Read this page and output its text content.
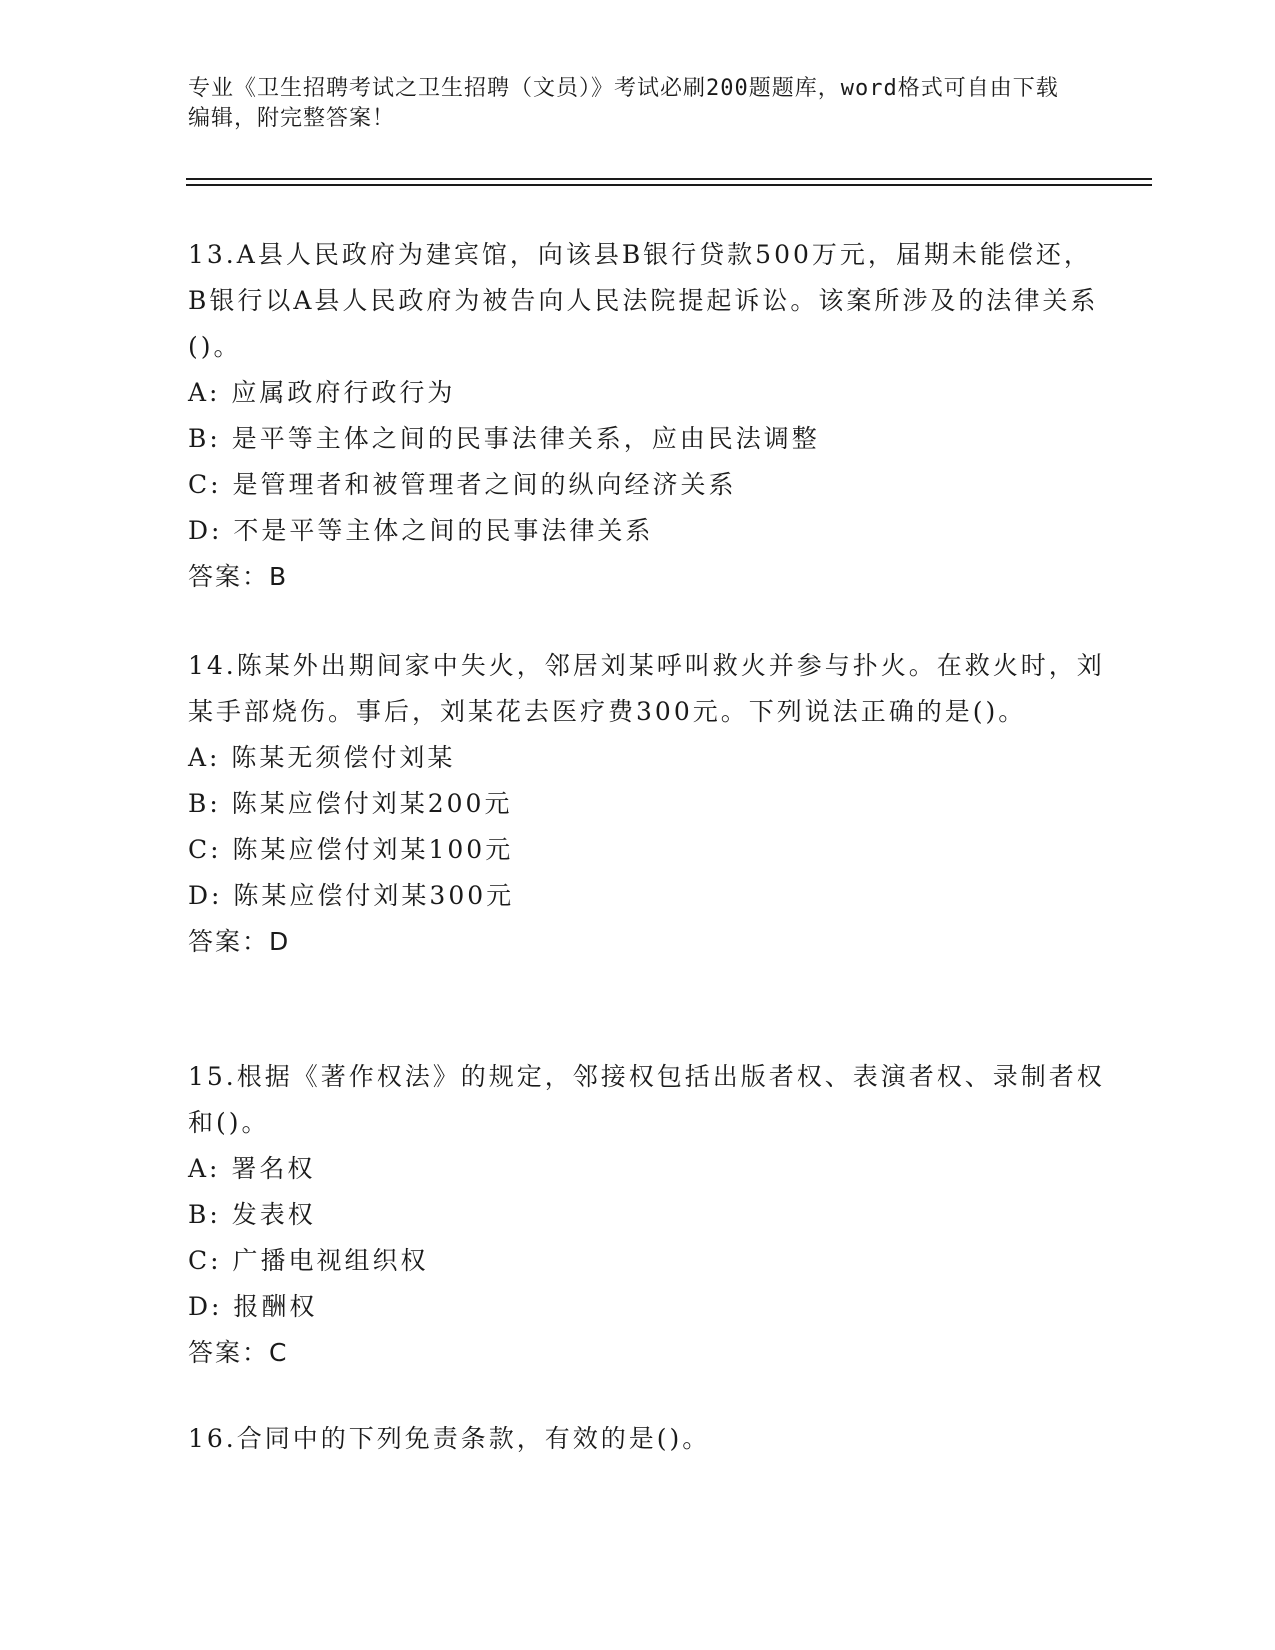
专业《卫生招聘考试之卫生招聘（文员）》考试必刷200题题库，word格式可自由下载编辑，附完整答案！

13.A县人民政府为建宾馆，向该县B银行贷款500万元，届期未能偿还，B银行以A县人民政府为被告向人民法院提起诉讼。该案所涉及的法律关系()。

A: 应属政府行政行为
B: 是平等主体之间的民事法律关系，应由民法调整
C: 是管理者和被管理者之间的纵向经济关系
D: 不是平等主体之间的民事法律关系
答案：B

14.陈某外出期间家中失火，邻居刘某呼叫救火并参与扑火。在救火时，刘某手部烧伤。事后，刘某花去医疗费300元。下列说法正确的是()。

A: 陈某无须偿付刘某
B: 陈某应偿付刘某200元
C: 陈某应偿付刘某100元
D: 陈某应偿付刘某300元
答案：D

15.根据《著作权法》的规定，邻接权包括出版者权、表演者权、录制者权和()。

A: 署名权
B: 发表权
C: 广播电视组织权
D: 报酬权
答案：C

16.合同中的下列免责条款，有效的是()。
